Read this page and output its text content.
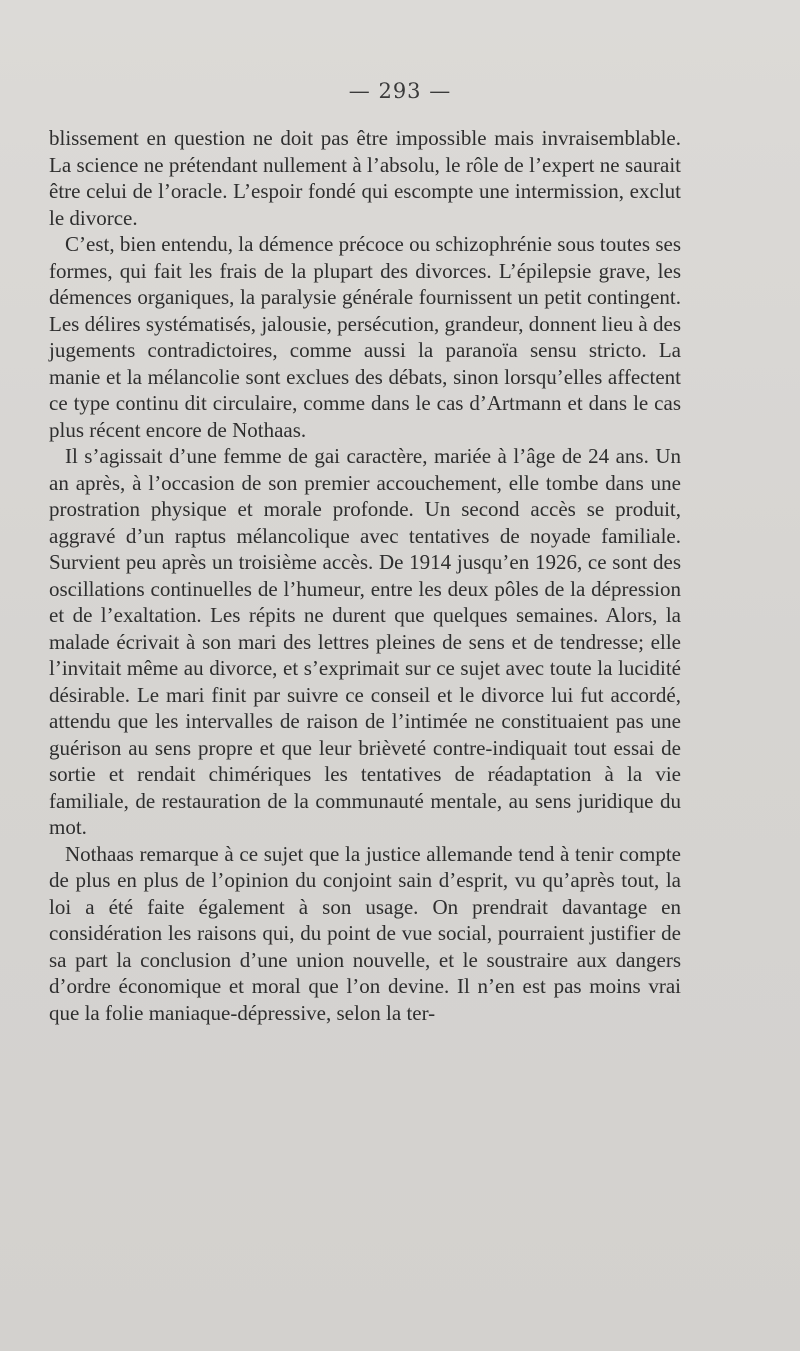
— 293 —

blissement en question ne doit pas être impossible mais invraisemblable. La science ne prétendant nullement à l’absolu, le rôle de l’expert ne saurait être celui de l’oracle. L’espoir fondé qui escompte une intermission, exclut le divorce.

C’est, bien entendu, la démence précoce ou schizophrénie sous toutes ses formes, qui fait les frais de la plupart des divorces. L’épilepsie grave, les démences organiques, la paralysie générale fournissent un petit contingent. Les délires systématisés, jalousie, persécution, grandeur, donnent lieu à des jugements contradictoires, comme aussi la paranoïa sensu stricto. La manie et la mélancolie sont exclues des débats, sinon lorsqu’elles affectent ce type continu dit circulaire, comme dans le cas d’Artmann et dans le cas plus récent encore de Nothaas.

Il s’agissait d’une femme de gai caractère, mariée à l’âge de 24 ans. Un an après, à l’occasion de son premier accouchement, elle tombe dans une prostration physique et morale profonde. Un second accès se produit, aggravé d’un raptus mélancolique avec tentatives de noyade familiale. Survient peu après un troisième accès. De 1914 jusqu’en 1926, ce sont des oscillations continuelles de l’humeur, entre les deux pôles de la dépression et de l’exaltation. Les répits ne durent que quelques semaines. Alors, la malade écrivait à son mari des lettres pleines de sens et de tendresse; elle l’invitait même au divorce, et s’exprimait sur ce sujet avec toute la lucidité désirable. Le mari finit par suivre ce conseil et le divorce lui fut accordé, attendu que les intervalles de raison de l’intimée ne constituaient pas une guérison au sens propre et que leur brièveté contre-indiquait tout essai de sortie et rendait chimériques les tentatives de réadaptation à la vie familiale, de restauration de la communauté mentale, au sens juridique du mot.

Nothaas remarque à ce sujet que la justice allemande tend à tenir compte de plus en plus de l’opinion du conjoint sain d’esprit, vu qu’après tout, la loi a été faite également à son usage. On prendrait davantage en considération les raisons qui, du point de vue social, pourraient justifier de sa part la conclusion d’une union nouvelle, et le soustraire aux dangers d’ordre économique et moral que l’on devine. Il n’en est pas moins vrai que la folie maniaque-dépressive, selon la ter-
